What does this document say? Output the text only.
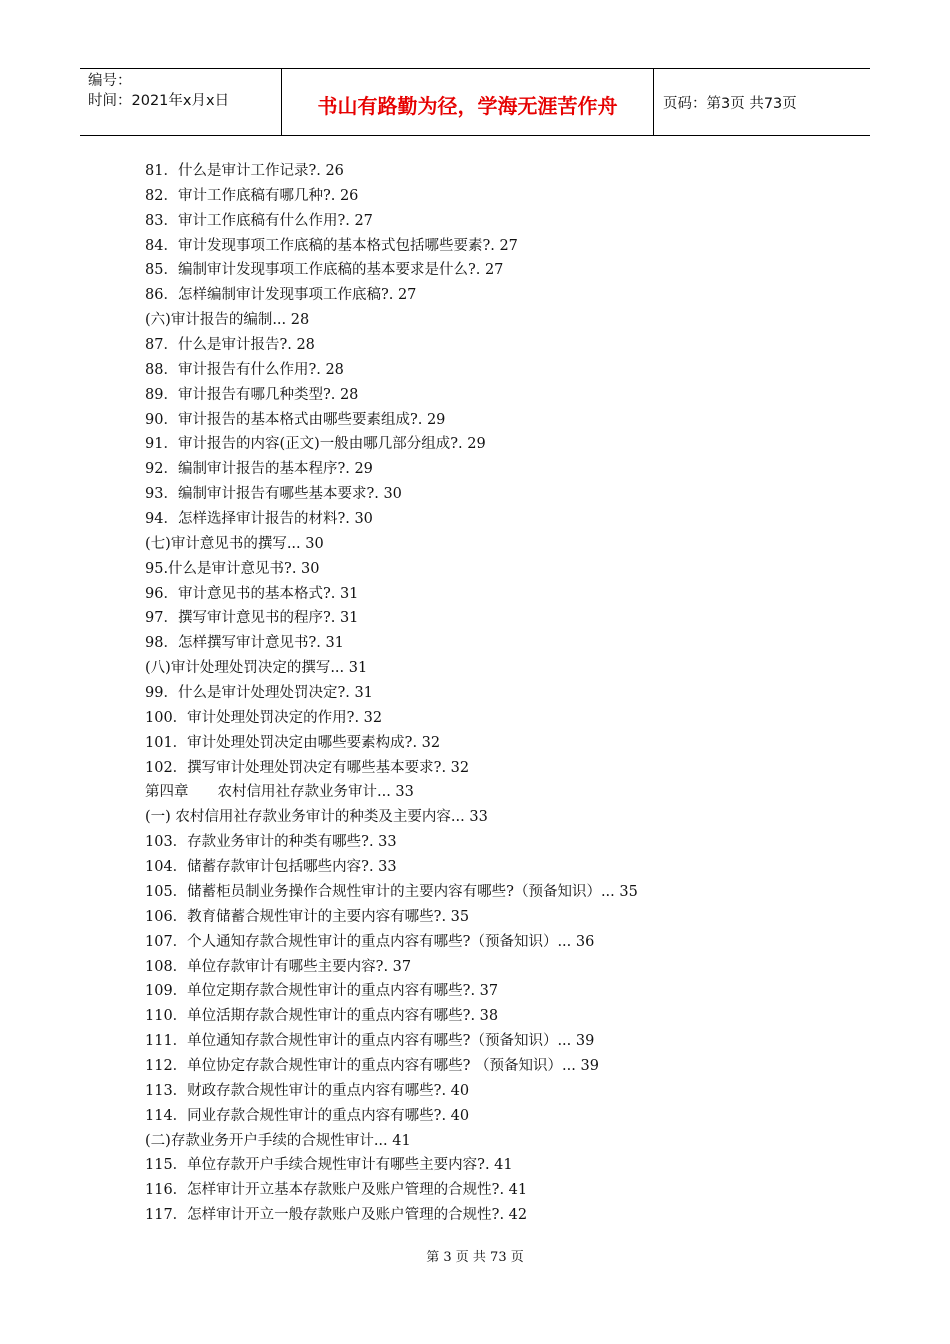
编号：
时间：2021年x月x日	书山有路勤为径，学海无涯苦作舟	页码：第3页 共73页
81．什么是审计工作记录?. 26
82．审计工作底稿有哪几种?. 26
83．审计工作底稿有什么作用?. 27
84．审计发现事项工作底稿的基本格式包括哪些要素?. 27
85．编制审计发现事项工作底稿的基本要求是什么?. 27
86．怎样编制审计发现事项工作底稿?. 27
(六)审计报告的编制... 28
87．什么是审计报告?. 28
88．审计报告有什么作用?. 28
89．审计报告有哪几种类型?. 28
90．审计报告的基本格式由哪些要素组成?. 29
91．审计报告的内容(正文)一般由哪几部分组成?. 29
92．编制审计报告的基本程序?. 29
93．编制审计报告有哪些基本要求?. 30
94．怎样选择审计报告的材料?. 30
(七)审计意见书的撰写... 30
95.什么是审计意见书?. 30
96．审计意见书的基本格式?. 31
97．撰写审计意见书的程序?. 31
98．怎样撰写审计意见书?. 31
(八)审计处理处罚决定的撰写... 31
99．什么是审计处理处罚决定?. 31
100．审计处理处罚决定的作用?. 32
101．审计处理处罚决定由哪些要素构成?. 32
102．撰写审计处理处罚决定有哪些基本要求?. 32
第四章　　农村信用社存款业务审计... 33
(一) 农村信用社存款业务审计的种类及主要内容... 33
103．存款业务审计的种类有哪些?. 33
104．储蓄存款审计包括哪些内容?. 33
105．储蓄柜员制业务操作合规性审计的主要内容有哪些?（预备知识）... 35
106．教育储蓄合规性审计的主要内容有哪些?. 35
107．个人通知存款合规性审计的重点内容有哪些?（预备知识）... 36
108．单位存款审计有哪些主要内容?. 37
109．单位定期存款合规性审计的重点内容有哪些?. 37
110．单位活期存款合规性审计的重点内容有哪些?. 38
111．单位通知存款合规性审计的重点内容有哪些?（预备知识）... 39
112．单位协定存款合规性审计的重点内容有哪些? （预备知识）... 39
113．财政存款合规性审计的重点内容有哪些?. 40
114．同业存款合规性审计的重点内容有哪些?. 40
(二)存款业务开户手续的合规性审计... 41
115．单位存款开户手续合规性审计有哪些主要内容?. 41
116．怎样审计开立基本存款账户及账户管理的合规性?. 41
117．怎样审计开立一般存款账户及账户管理的合规性?. 42
第 3 页 共 73 页
